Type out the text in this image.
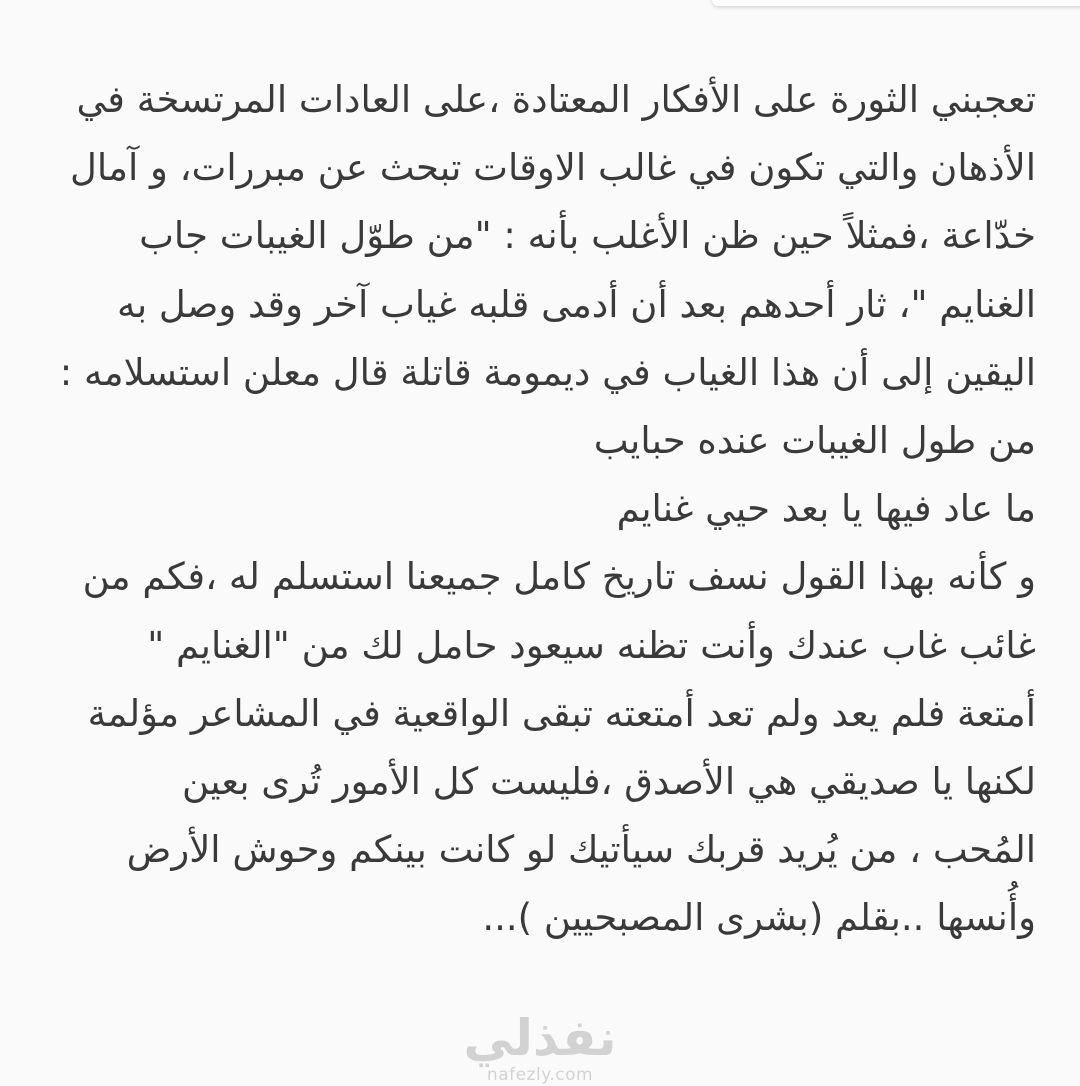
تعجبني الثورة على الأفكار المعتادة ،على العادات المرتسخة في
الأذهان والتي تكون في غالب الاوقات تبحث عن مبررات، و آمال
خدّاعة ،فمثلاً حين ظن الأغلب بأنه : "من طوّل الغيبات جاب
الغنايم "، ثار أحدهم بعد أن أدمى قلبه غياب آخر وقد وصل به
اليقين إلى أن هذا الغياب في ديمومة قاتلة قال معلن استسلامه :
من طول الغيبات عنده حبايب
ما عاد فيها يا بعد حيي غنايم
و كأنه بهذا القول نسف تاريخ كامل جميعنا استسلم له ،فكم من
غائب غاب عندك وأنت تظنه سيعود حامل لك من "الغنايم "
أمتعة فلم يعد ولم تعد أمتعته تبقى الواقعية في المشاعر مؤلمة
لكنها يا صديقي هي الأصدق ،فليست كل الأمور تُرى بعين
المُحب ، من يُريد قربك سيأتيك لو كانت بينكم وحوش الأرض
وأُنسها ..بقلم (بشرى المصبحيين )...
نفذلي
nafezly.com
